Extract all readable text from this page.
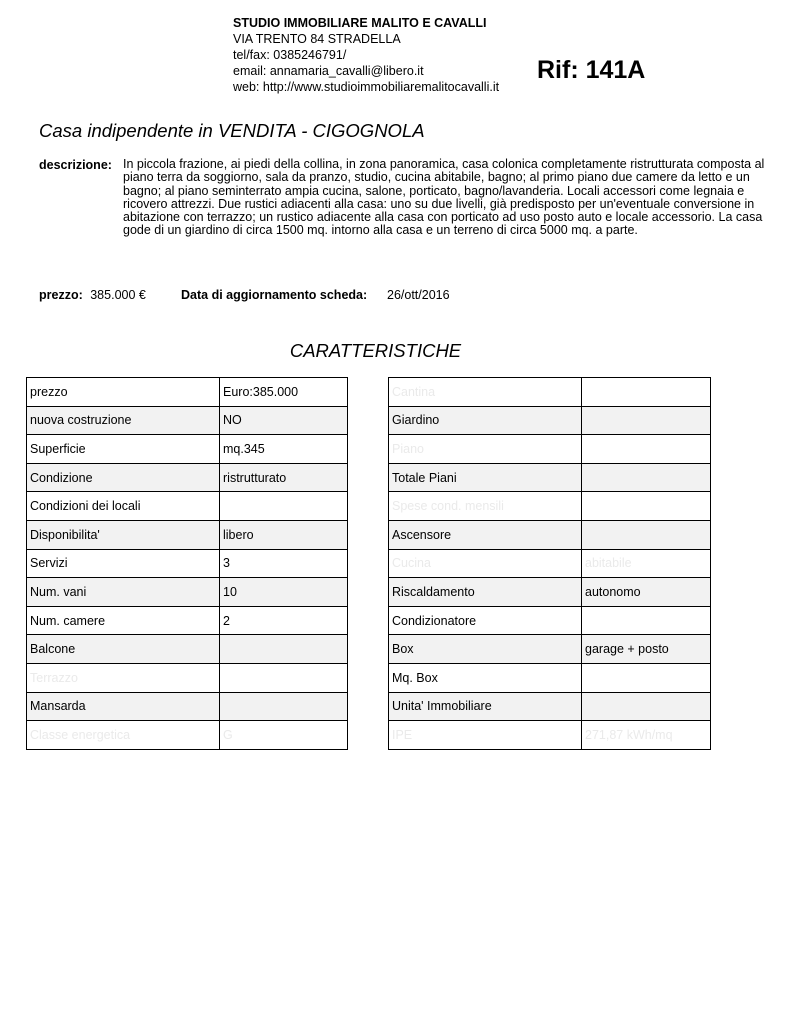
STUDIO IMMOBILIARE MALITO E CAVALLI
VIA TRENTO 84 STRADELLA
tel/fax: 0385246791/
email: annamaria_cavalli@libero.it
web: http://www.studioimmobiliaremalitocavalli.it
Rif: 141A
Casa indipendente in VENDITA - CIGOGNOLA
descrizione: In piccola frazione, ai piedi della collina, in zona panoramica, casa colonica completamente ristrutturata composta al piano terra da soggiorno, sala da pranzo, studio, cucina abitabile, bagno; al primo piano due camere da letto e un bagno; al piano seminterrato ampia cucina, salone, porticato, bagno/lavanderia. Locali accessori come legnaia e ricovero attrezzi. Due rustici adiacenti alla casa: uno su due livelli, già predisposto per un'eventuale conversione in abitazione con terrazzo; un rustico adiacente alla casa con porticato ad uso posto auto e locale accessorio. La casa gode di un giardino di circa 1500 mq. intorno alla casa e un terreno di circa 5000 mq. a parte.
prezzo: 385.000 €	Data di aggiornamento scheda: 26/ott/2016
CARATTERISTICHE
prezzo	Euro:385.000
nuova costruzione	NO
Superficie	mq.345
Condizione	ristrutturato
Condizioni dei locali	
Disponibilita'	libero
Servizi	3
Num. vani	10
Num. camere	2
Balcone	
Terrazzo	
Mansarda	
Classe energetica	G
Cantina	
Giardino	
Piano	
Totale Piani	
Spese cond. mensili	
Ascensore	
Cucina	abitabile
Riscaldamento	autonomo
Condizionatore	
Box	garage + posto
Mq. Box	
Unita' Immobiliare	
IPE	271,87 kWh/mq
